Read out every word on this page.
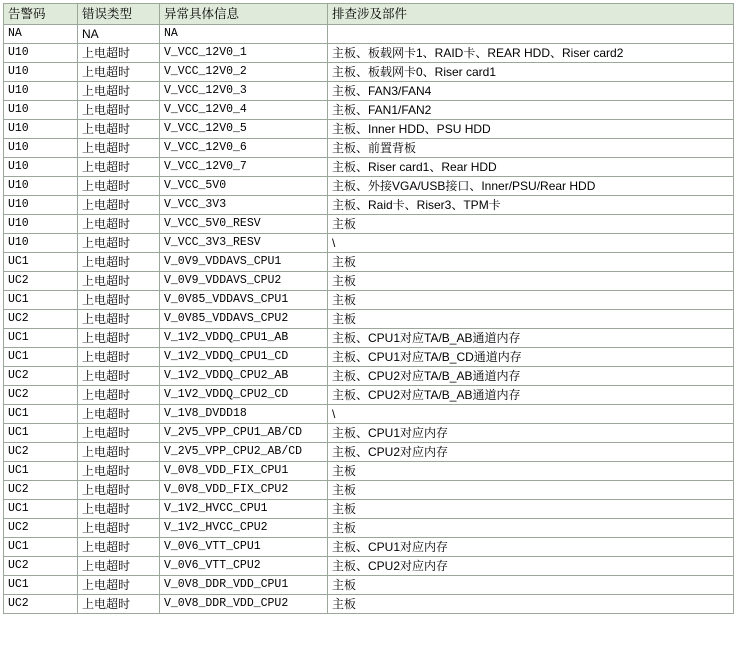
告警码	错误类型	异常具体信息	排查涉及部件
NA	NA	NA	
U10	上电超时	V_VCC_12V0_1	主板、板载网卡1、RAID卡、REAR HDD、Riser card2
U10	上电超时	V_VCC_12V0_2	主板、板载网卡0、Riser card1
U10	上电超时	V_VCC_12V0_3	主板、FAN3/FAN4
U10	上电超时	V_VCC_12V0_4	主板、FAN1/FAN2
U10	上电超时	V_VCC_12V0_5	主板、Inner HDD、PSU HDD
U10	上电超时	V_VCC_12V0_6	主板、前置背板
U10	上电超时	V_VCC_12V0_7	主板、Riser card1、Rear HDD
U10	上电超时	V_VCC_5V0	主板、外接VGA/USB接口、Inner/PSU/Rear HDD
U10	上电超时	V_VCC_3V3	主板、Raid卡、Riser3、TPM卡
U10	上电超时	V_VCC_5V0_RESV	主板
U10	上电超时	V_VCC_3V3_RESV	\
UC1	上电超时	V_0V9_VDDAVS_CPU1	主板
UC2	上电超时	V_0V9_VDDAVS_CPU2	主板
UC1	上电超时	V_0V85_VDDAVS_CPU1	主板
UC2	上电超时	V_0V85_VDDAVS_CPU2	主板
UC1	上电超时	V_1V2_VDDQ_CPU1_AB	主板、CPU1对应TA/B_AB通道内存
UC1	上电超时	V_1V2_VDDQ_CPU1_CD	主板、CPU1对应TA/B_CD通道内存
UC2	上电超时	V_1V2_VDDQ_CPU2_AB	主板、CPU2对应TA/B_AB通道内存
UC2	上电超时	V_1V2_VDDQ_CPU2_CD	主板、CPU2对应TA/B_AB通道内存
UC1	上电超时	V_1V8_DVDD18	\
UC1	上电超时	V_2V5_VPP_CPU1_AB/CD	主板、CPU1对应内存
UC2	上电超时	V_2V5_VPP_CPU2_AB/CD	主板、CPU2对应内存
UC1	上电超时	V_0V8_VDD_FIX_CPU1	主板
UC2	上电超时	V_0V8_VDD_FIX_CPU2	主板
UC1	上电超时	V_1V2_HVCC_CPU1	主板
UC2	上电超时	V_1V2_HVCC_CPU2	主板
UC1	上电超时	V_0V6_VTT_CPU1	主板、CPU1对应内存
UC2	上电超时	V_0V6_VTT_CPU2	主板、CPU2对应内存
UC1	上电超时	V_0V8_DDR_VDD_CPU1	主板
UC2	上电超时	V_0V8_DDR_VDD_CPU2	主板
